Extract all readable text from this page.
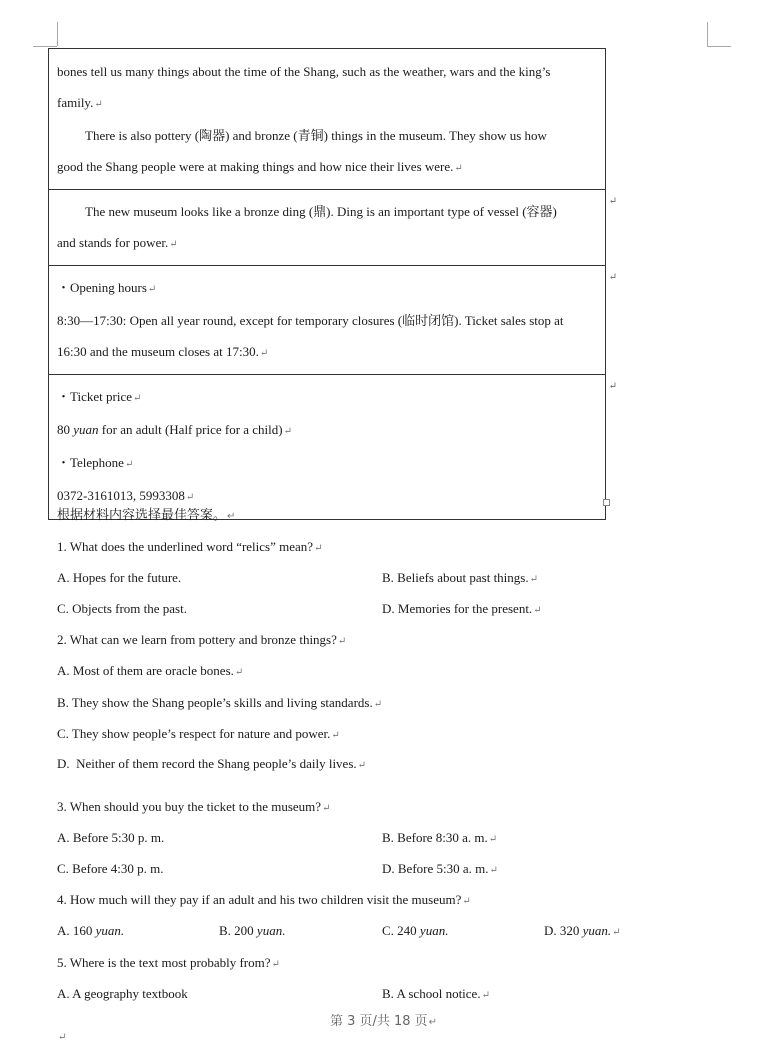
bones tell us many things about the time of the Shang, such as the weather, wars and the king’s

family.↵

There is also pottery (陶器) and bronze (青铜) things in the museum. They show us how

good the Shang people were at making things and how nice their lives were.↵

The new museum looks like a bronze ding (鼎). Ding is an important type of vessel (容器)

and stands for power.↵

↵

・Opening hours↵

8:30—17:30: Open all year round, except for temporary closures (临时闭馆). Ticket sales stop at

16:30 and the museum closes at 17:30.↵

↵

・Ticket price↵

80 yuan for an adult (Half price for a child)↵

・Telephone↵

0372-3161013, 5993308↵

↵
根据材料内容选择最佳答案。↵
1. What does the underlined word “relics” mean?↵
A. Hopes for the future.	B. Beliefs about past things.↵
C. Objects from the past.	D. Memories for the present.↵
2. What can we learn from pottery and bronze things?↵
A. Most of them are oracle bones.↵
B. They show the Shang people’s skills and living standards.↵
C. They show people’s respect for nature and power.↵
D.  Neither of them record the Shang people’s daily lives.↵
3. When should you buy the ticket to the museum?↵
A. Before 5:30 p. m.	B. Before 8:30 a. m.↵
C. Before 4:30 p. m.	D. Before 5:30 a. m.↵
4. How much will they pay if an adult and his two children visit the museum?↵
A. 160 yuan.	B. 200 yuan.	C. 240 yuan.	D. 320 yuan.↵
5. Where is the text most probably from?↵
A. A geography textbook	B. A school notice.↵
第 3 页/共 18 页↵
↵
